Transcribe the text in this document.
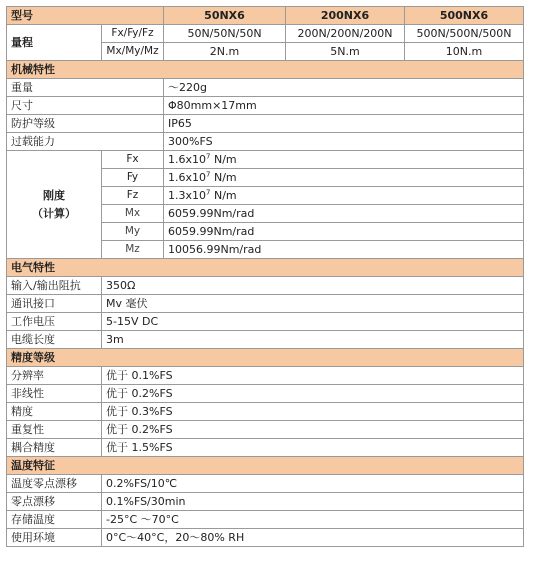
型号		50NX6	200NX6	500NX6
量程	Fx/Fy/Fz	50N/50N/50N	200N/200N/200N	500N/500N/500N
	Mx/My/Mz	2N.m	5N.m	10N.m
机械特性				
重量		～220g		
尺寸		Φ80mm×17mm		
防护等级		IP65		
过载能力		300%FS		

刚度
（计算）	Fx	$1.6x10^7$ N/m		
	Fy	$1.6x10^7$ N/m		
	Fz	$1.3x10^7$ N/m		
	Mx	6059.99Nm/rad		
	My	6059.99Nm/rad		
	Mz	10056.99Nm/rad		
电气特性				
输入/输出阻抗	350Ω			
通讯接口	Mv 毫伏			
工作电压	5-15V DC			
电缆长度	3m			
精度等级				
分辨率	优于 0.1%FS			
非线性	优于 0.2%FS			
精度	优于 0.3%FS			
重复性	优于 0.2%FS			
耦合精度	优于 1.5%FS			
温度特征				
温度零点漂移	0.2%FS/10℃			
零点漂移	0.1%FS/30min			
存储温度	-25°C ～70°C			
使用环境	0°C～40°C，20～80% RH			
